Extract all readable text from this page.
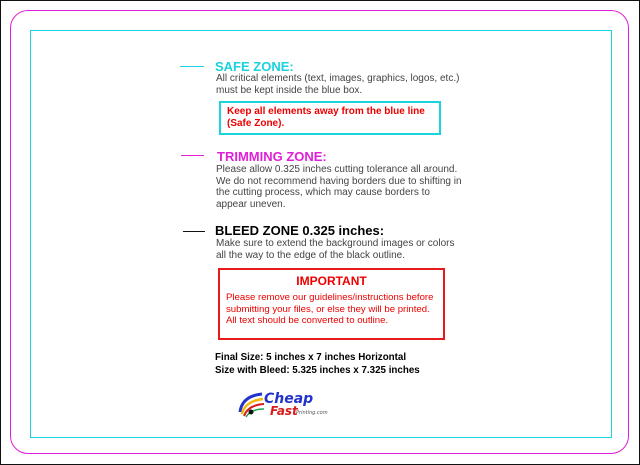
SAFE ZONE:
All critical elements (text, images, graphics, logos, etc.)
must be kept inside the blue box.
Keep all elements away from the blue line
(Safe Zone).
TRIMMING ZONE:
Please allow 0.325 inches cutting tolerance all around.
We do not recommend having borders due to shifting in
the cutting process, which may cause borders to
appear uneven.
BLEED ZONE 0.325 inches:
Make sure to extend the background images or colors
all the way to the edge of the black outline.
IMPORTANT
Please remove our guidelines/instructions before
submitting your files, or else they will be printed.
All text should be converted to outline.
Final Size: 5 inches x 7 inches Horizontal
Size with Bleed: 5.325 inches x 7.325 inches
Cheap
Fast
Printing.com
